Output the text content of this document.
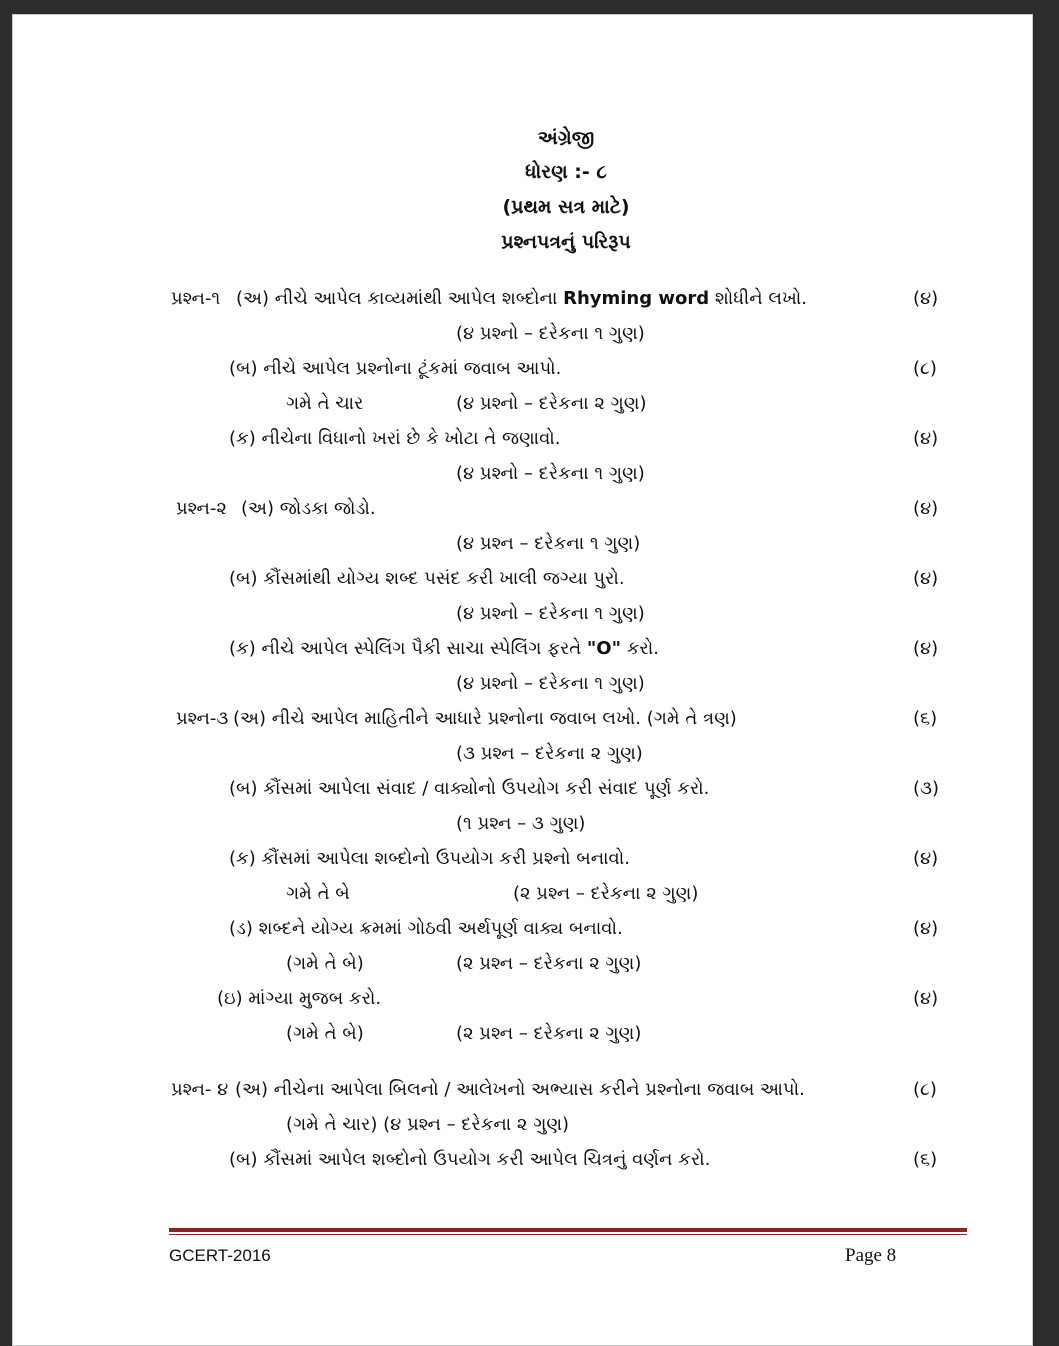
અંગ્રેજી
ધોરણ :- ૮
(પ્રથમ સત્ર માટે)
પ્રશ્નપત્રનું પરિરૂપ
પ્રશ્ન-૧ (અ) નીચે આપેલ કાવ્યમાંથી આપેલ શબ્દોના Rhyming word શોધીને લખો.	(૪)
(૪ પ્રશ્નો – દરેકના ૧ ગુણ)
(બ) નીચે આપેલ પ્રશ્નોના ટૂંકમાં જવાબ આપો.	(૮)
ગમે તે ચાર	(૪ પ્રશ્નો – દરેકના ૨ ગુણ)
(ક) નીચેના વિધાનો ખરાં છે કે ખોટા તે જણાવો.	(૪)
(૪ પ્રશ્નો – દરેકના ૧ ગુણ)
પ્રશ્ન-૨ (અ) જોડકા જોડો.	(૪)
(૪ પ્રશ્ન – દરેકના ૧ ગુણ)
(બ) કૌંસમાંથી યોગ્ય શબ્દ પસંદ કરી ખાલી જગ્યા પુરો.	(૪)
(૪ પ્રશ્નો – દરેકના ૧ ગુણ)
(ક) નીચે આપેલ સ્પેલિંગ પૈકી સાચા સ્પેલિંગ ફરતે "O" કરો.	(૪)
(૪ પ્રશ્નો – દરેકના ૧ ગુણ)
પ્રશ્ન-૩ (અ) નીચે આપેલ માહિતીને આધારે પ્રશ્નોના જવાબ લખો. (ગમે તે ત્રણ)	(૬)
(૩ પ્રશ્ન – દરેકના ૨ ગુણ)
(બ) કૌંસમાં આપેલા સંવાદ / વાક્યોનો ઉપયોગ કરી સંવાદ પૂર્ણ કરો.	(૩)
(૧ પ્રશ્ન – ૩ ગુણ)
(ક) કૌંસમાં આપેલા શબ્દોનો ઉપયોગ કરી પ્રશ્નો બનાવો.	(૪)
ગમે તે બે	(૨ પ્રશ્ન – દરેકના ૨ ગુણ)
(ડ) શબ્દને યોગ્ય ક્રમમાં ગોઠવી અર્થપૂર્ણ વાક્ય બનાવો.	(૪)
(ગમે તે બે)	(૨ પ્રશ્ન – દરેકના ૨ ગુણ)
(ઇ) માંગ્યા મુજબ કરો.	(૪)
(ગમે તે બે)	(૨ પ્રશ્ન – દરેકના ૨ ગુણ)
પ્રશ્ન- ૪ (અ) નીચેના આપેલા બિલનો / આલેખનો અભ્યાસ કરીને પ્રશ્નોના જવાબ આપો.	(૮)
(ગમે તે ચાર) (૪ પ્રશ્ન – દરેકના ૨ ગુણ)
(બ) કૌંસમાં આપેલ શબ્દોનો ઉપયોગ કરી આપેલ ચિત્રનું વર્ણન કરો.	(૬)
GCERT-2016	Page 8
